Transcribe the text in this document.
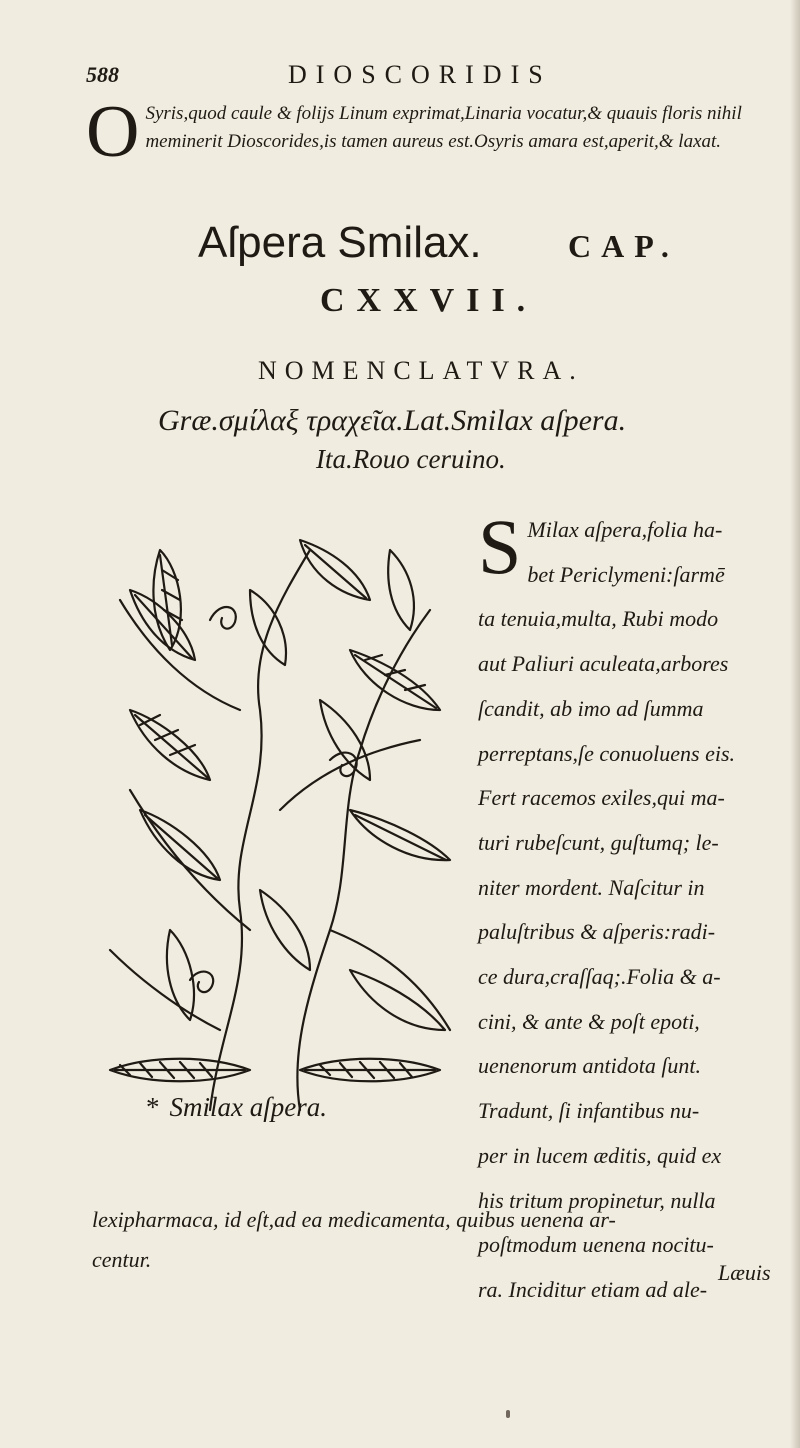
588	DIOSCORIDIS
O Syris,quod caule & folijs Linum exprimat,Linaria vocatur,& quauis floris nihil meminerit Dioscorides,is tamen aureus est.Osyris amara est,aperit,& laxat.
Aſpera Smilax.	CAP.
CXXVII.
NOMENCLATVRA.
Græ.σμίλαξ τραχεῖα.Lat.Smilax aſpera.
Ita.Rouo ceruino.
* Smilax aſpera.
S Milax aſpera,folia ha-
bet Periclymeni:ſarmē
ta tenuia,multa, Rubi modo
aut Paliuri aculeata,arbores
ſcandit, ab imo ad ſumma
perreptans,ſe conuoluens eis.
Fert racemos exiles,qui ma-
turi rubeſcunt, guſtumq; le-
niter mordent. Naſcitur in
paluſtribus & aſperis:radi-
ce dura,craſſaq;.Folia & a-
cini, & ante & poſt epoti,
uenenorum antidota ſunt.
Tradunt, ſi infantibus nu-
per in lucem æditis, quid ex
his tritum propinetur, nulla
poſtmodum uenena nocitu-
ra. Inciditur etiam ad ale-
lexipharmaca, id eſt,ad ea medicamenta, quibus uenena ar-
centur.
Læuis
